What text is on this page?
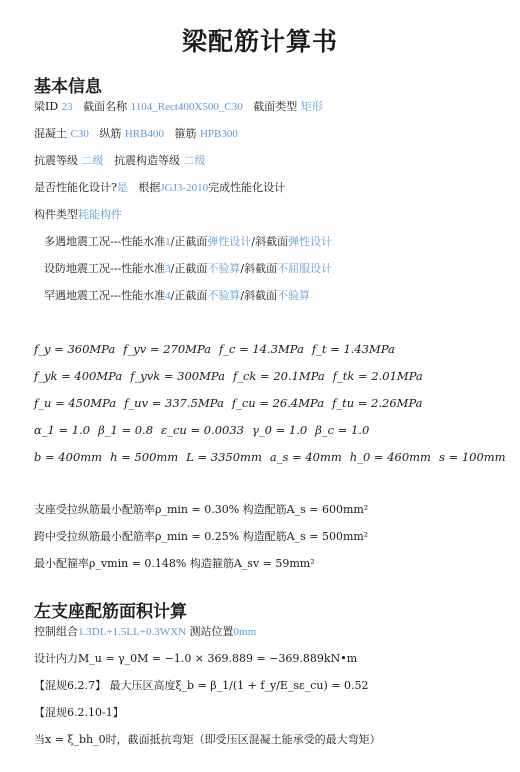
梁配筋计算书
基本信息
梁ID 23 截面名称 1104_Rect400X500_C30 截面类型 矩形
混凝土 C30 纵筋 HRB400 箍筋 HPB300
抗震等级 二级 抗震构造等级 二级
是否性能化设计?是 根据JGJ3-2010完成性能化设计
构件类型耗能构件
多遇地震工况---性能水准1/正截面弹性设计/斜截面弹性设计
设防地震工况---性能水准3/正截面不验算/斜截面不屈服设计
罕遇地震工况---性能水准4/正截面不验算/斜截面不验算
f_y = 360MPa f_yv = 270MPa f_c = 14.3MPa f_t = 1.43MPa
f_yk = 400MPa f_yvk = 300MPa f_ck = 20.1MPa f_tk = 2.01MPa
f_u = 450MPa f_uv = 337.5MPa f_cu = 26.4MPa f_tu = 2.26MPa
α_1 = 1.0 β_1 = 0.8 ε_cu = 0.0033 γ_0 = 1.0 β_c = 1.0
b = 400mm h = 500mm L = 3350mm a_s = 40mm h_0 = 460mm s = 100mm
支座受拉纵筋最小配筋率ρ_min = 0.30% 构造配筋A_s = 600mm²
跨中受拉纵筋最小配筋率ρ_min = 0.25% 构造配筋A_s = 500mm²
最小配箍率ρ_vmin = 0.148% 构造箍筋A_sv = 59mm²
左支座配筋面积计算
控制组合1.3DL+1.5LL+0.3WXN 测站位置0mm
设计内力M_u = γ_0M = −1.0 × 369.889 = −369.889kN•m
【混规6.2.7】 最大压区高度ξ_b = β_1/(1 + f_y/E_sε_cu) = 0.52
【混规6.2.10-1】
当x = ξ_bh_0时，截面抵抗弯矩（即受压区混凝土能承受的最大弯矩）
